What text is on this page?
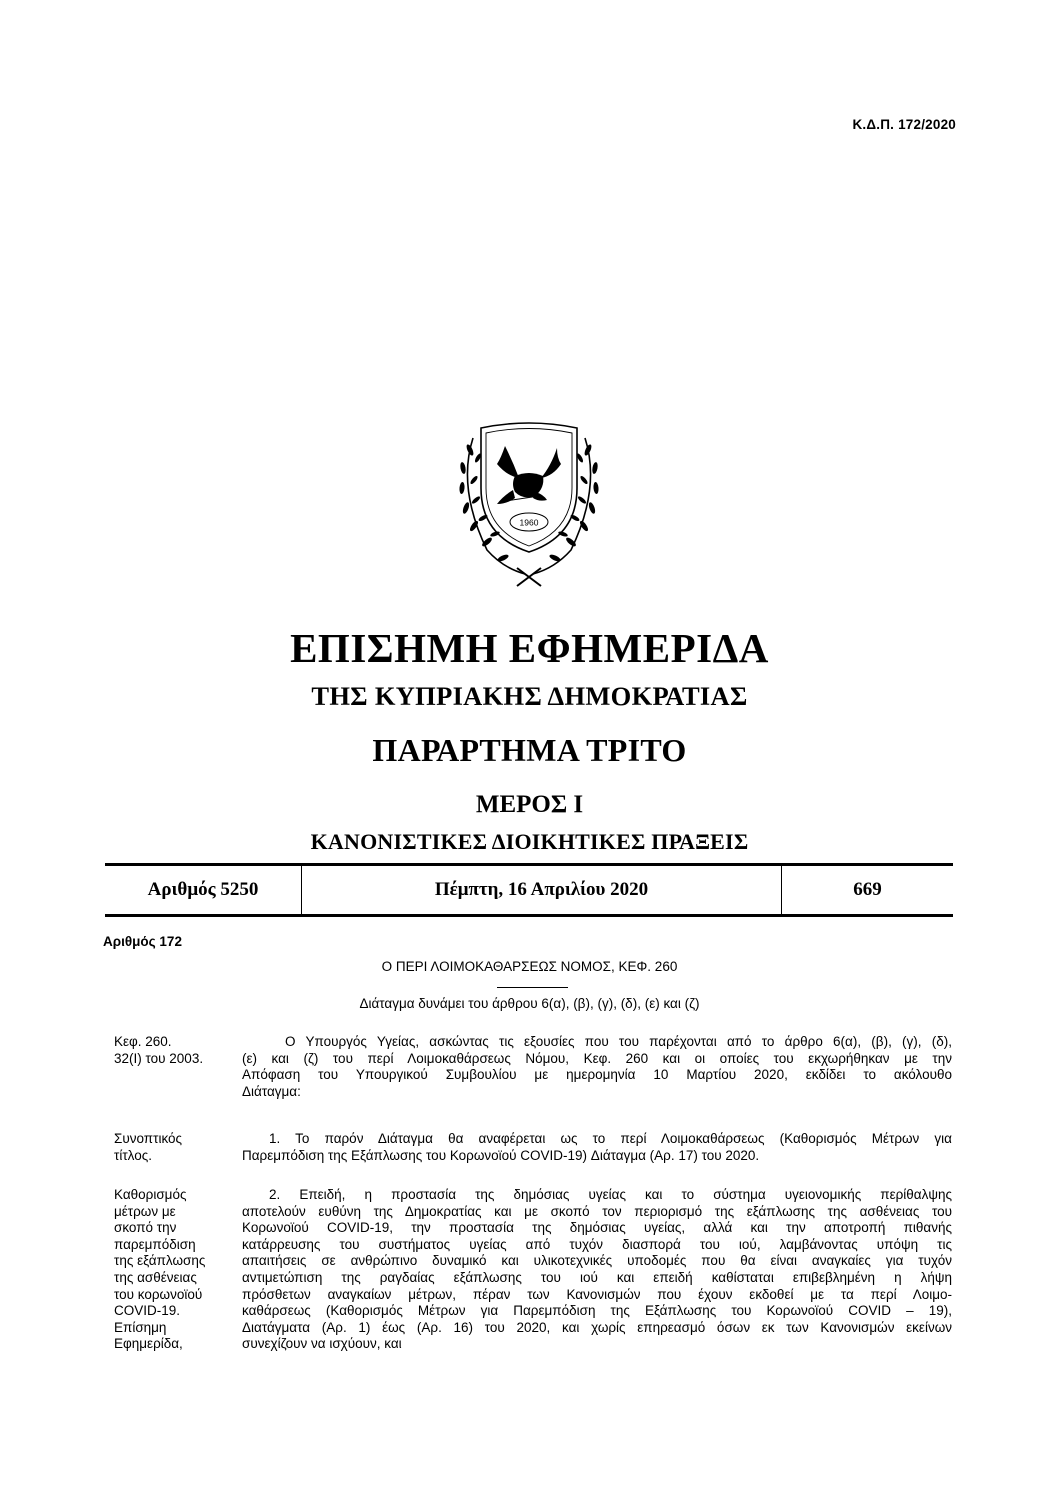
Κ.Δ.Π. 172/2020
1960
ΕΠΙΣΗΜΗ ΕΦΗΜΕΡΙΔΑ
ΤΗΣ ΚΥΠΡΙΑΚΗΣ ΔΗΜΟΚΡΑΤΙΑΣ
ΠΑΡΑΡΤΗΜΑ ΤΡΙΤΟ
ΜΕΡΟΣ Ι
ΚΑΝΟΝΙΣΤΙΚΕΣ ΔΙΟΙΚΗΤΙΚΕΣ ΠΡΑΞΕΙΣ
Αριθμός 5250	Πέμπτη, 16 Απριλίου 2020	669
Αριθμός 172
Ο ΠΕΡΙ ΛΟΙΜΟΚΑΘΑΡΣΕΩΣ ΝΟΜΟΣ, ΚΕΦ. 260
Διάταγμα δυνάμει του άρθρου 6(α), (β), (γ), (δ), (ε) και (ζ)
Κεφ. 260.
32(Ι) του 2003.
Συνοπτικός
τίτλος.
Καθορισμός
μέτρων με
σκοπό την
παρεμπόδιση
της εξάπλωσης
της ασθένειας
του κορωνοϊού
COVID-19.
Επίσημη
Εφημερίδα,
Ο Υπουργός Υγείας, ασκώντας τις εξουσίες που του παρέχονται από το άρθρο 6(α), (β), (γ), (δ),
(ε) και (ζ) του περί Λοιμοκαθάρσεως Νόμου, Κεφ. 260 και οι οποίες του εκχωρήθηκαν με την
Απόφαση του Υπουργικού Συμβουλίου με ημερομηνία 10 Μαρτίου 2020, εκδίδει το ακόλουθο
Διάταγμα:
1. Το παρόν Διάταγμα θα αναφέρεται ως το περί Λοιμοκαθάρσεως (Καθορισμός Μέτρων για
Παρεμπόδιση της Εξάπλωσης του Κορωνοϊού COVID-19) Διάταγμα (Αρ. 17) του 2020.
2. Επειδή, η προστασία της δημόσιας υγείας και το σύστημα υγειονομικής περίθαλψης
αποτελούν ευθύνη της Δημοκρατίας και με σκοπό τον περιορισμό της εξάπλωσης της ασθένειας του
Κορωνοϊού COVID-19, την προστασία της δημόσιας υγείας, αλλά και την αποτροπή πιθανής
κατάρρευσης του συστήματος υγείας από τυχόν διασπορά του ιού, λαμβάνοντας υπόψη τις
απαιτήσεις σε ανθρώπινο δυναμικό και υλικοτεχνικές υποδομές που θα είναι αναγκαίες για τυχόν
αντιμετώπιση της ραγδαίας εξάπλωσης του ιού και επειδή καθίσταται επιβεβλημένη η λήψη
πρόσθετων αναγκαίων μέτρων, πέραν των Κανονισμών που έχουν εκδοθεί με τα περί Λοιμο-
καθάρσεως (Καθορισμός Μέτρων για Παρεμπόδιση της Εξάπλωσης του Κορωνοϊού COVID – 19),
Διατάγματα (Αρ. 1) έως (Αρ. 16) του 2020, και χωρίς επηρεασμό όσων εκ των Κανονισμών εκείνων
συνεχίζουν να ισχύουν, και
